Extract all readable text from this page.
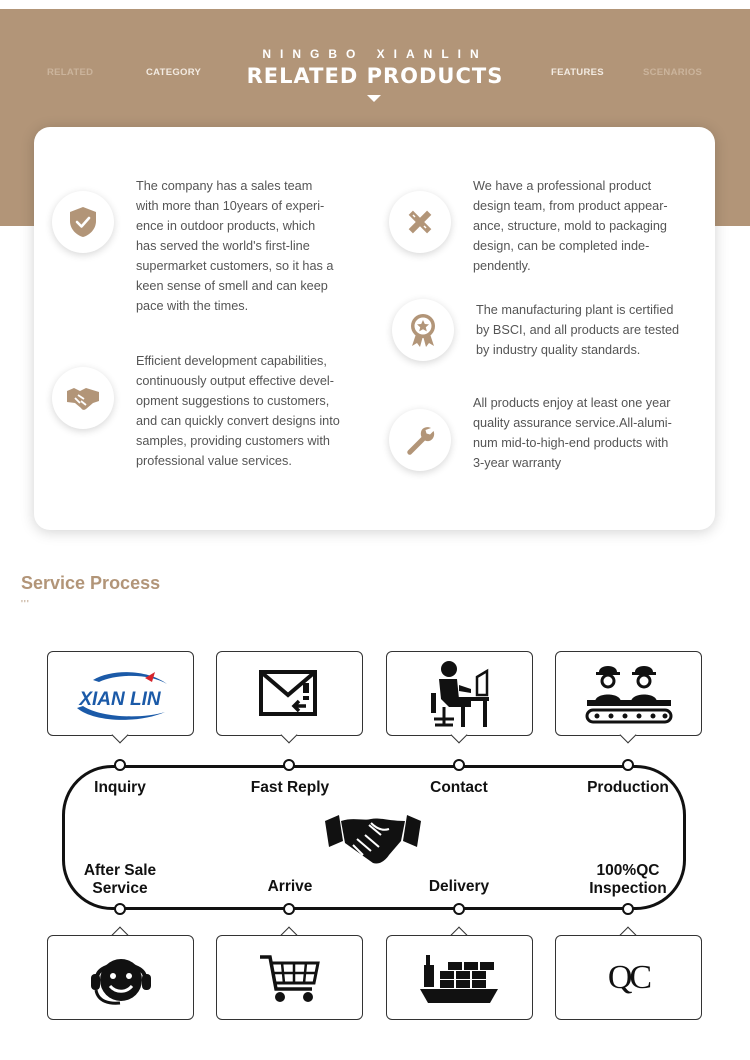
NINGBO XIANLIN
RELATED PRODUCTS
RELATED	CATEGORY	FEATURES	SCENARIOS
The company has a sales team
with more than 10years of experi-
ence in outdoor products, which
has served the world's first-line
supermarket customers, so it has a
keen sense of smell and can keep
pace with the times.
Efficient development capabilities,
continuously output effective devel-
opment suggestions to customers,
and can quickly convert designs into
samples, providing customers with
professional value services.
We have a professional product
design team, from product appear-
ance, structure, mold to packaging
design, can be completed inde-
pendently.
The manufacturing plant is certified
by BSCI, and all products are tested
by industry quality standards.
All products enjoy at least one year
quality assurance service.All-alumi-
num mid-to-high-end products with
3-year warranty
Service Process
'''
XIAN LIN
Inquiry	Fast Reply	Contact	Production
After Sale
Service	Arrive	Delivery
100%QC
Inspection
QC
